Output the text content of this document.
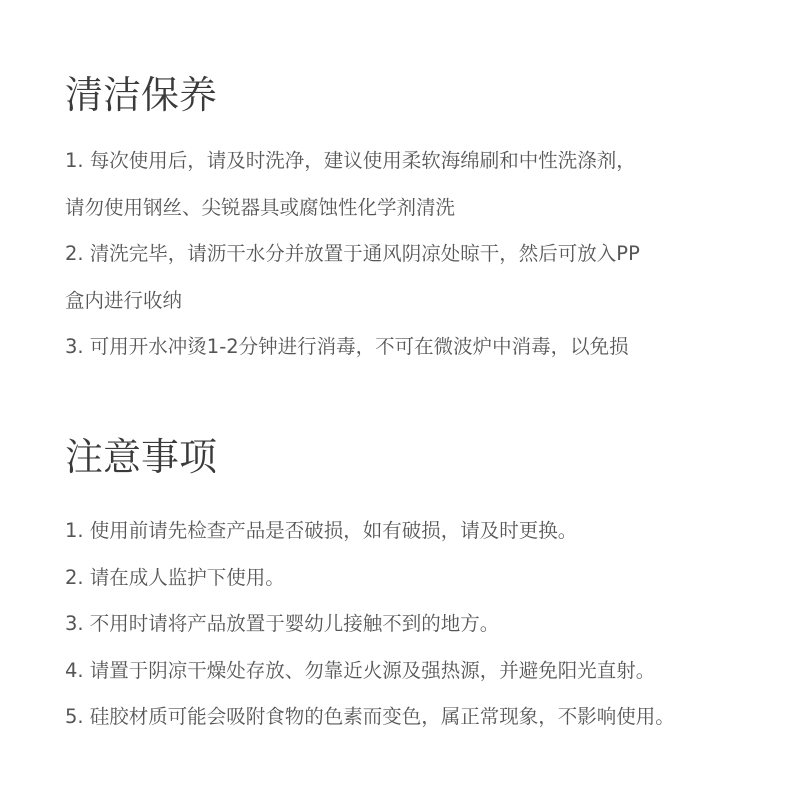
清洁保养

1. 每次使用后，请及时洗净，建议使用柔软海绵刷和中性洗涤剂，

请勿使用钢丝、尖锐器具或腐蚀性化学剂清洗

2. 清洗完毕，请沥干水分并放置于通风阴凉处晾干，然后可放入PP

盒内进行收纳

3. 可用开水冲烫1-2分钟进行消毒，不可在微波炉中消毒，以免损

注意事项

1. 使用前请先检查产品是否破损，如有破损，请及时更换。

2. 请在成人监护下使用。

3. 不用时请将产品放置于婴幼儿接触不到的地方。

4. 请置于阴凉干燥处存放、勿靠近火源及强热源，并避免阳光直射。

5. 硅胶材质可能会吸附食物的色素而变色，属正常现象，不影响使用。
